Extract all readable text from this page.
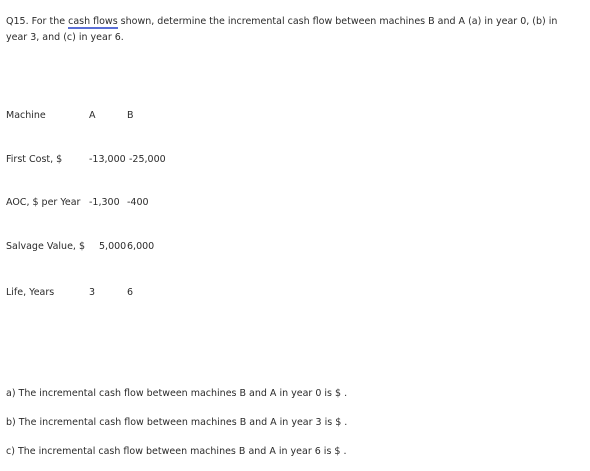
Q15. For the cash flows shown, determine the incremental cash flow between machines B and A (a) in year 0, (b) in
year 3, and (c) in year 6.
Machine	A	B
First Cost, $	-13,000 -25,000
AOC, $ per Year -1,300 -400
Salvage Value, $ 5,000 6,000
Life, Years	3	6
a) The incremental cash flow between machines B and A in year 0 is $ .
b) The incremental cash flow between machines B and A in year 3 is $ .
c) The incremental cash flow between machines B and A in year 6 is $ .
